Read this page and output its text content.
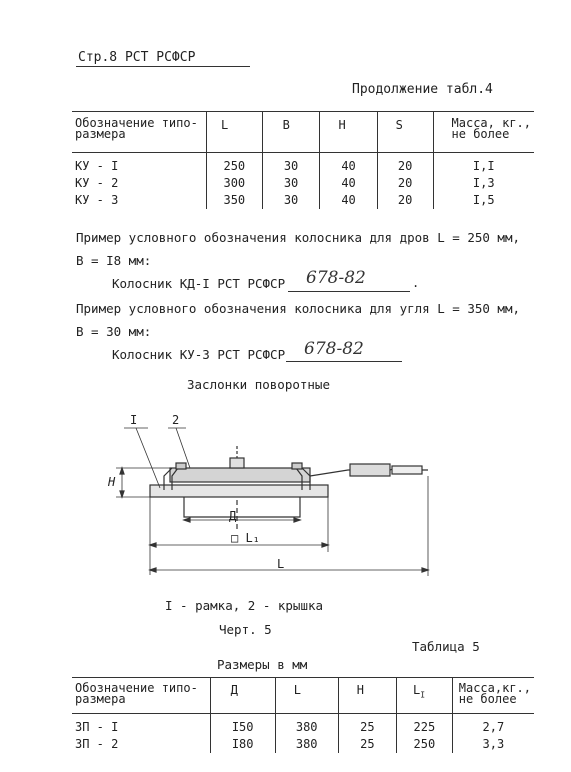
Стр.8 РСТ РСФСР
Продолжение табл.4
Обозначение типо-
размера	L	B	H	S	Масса, кг.,
не более

КУ - I	250	30	40	20	I,I
КУ - 2	300	30	40	20	I,3
КУ - 3	350	30	40	20	I,5
Пример условного обозначения колосника для дров L = 250 мм,
B = I8 мм:
Колосник КД-I РСТ РСФСР 678-82	.
Пример условного обозначения колосника для угля L = 350 мм,
B = 30 мм:
Колосник КУ-3 РСТ РСФСР 678-82
Заслонки поворотные
I	2
H
Д
□ L₁
L
I - рамка, 2 - крышка
Черт. 5
Таблица 5
Размеры в мм
Обозначение типо-
размера	Д	L	H	$L_I$	Масса,кг.,
не более

ЗП - I	I50	380	25	225	2,7
ЗП - 2	I80	380	25	250	3,3
